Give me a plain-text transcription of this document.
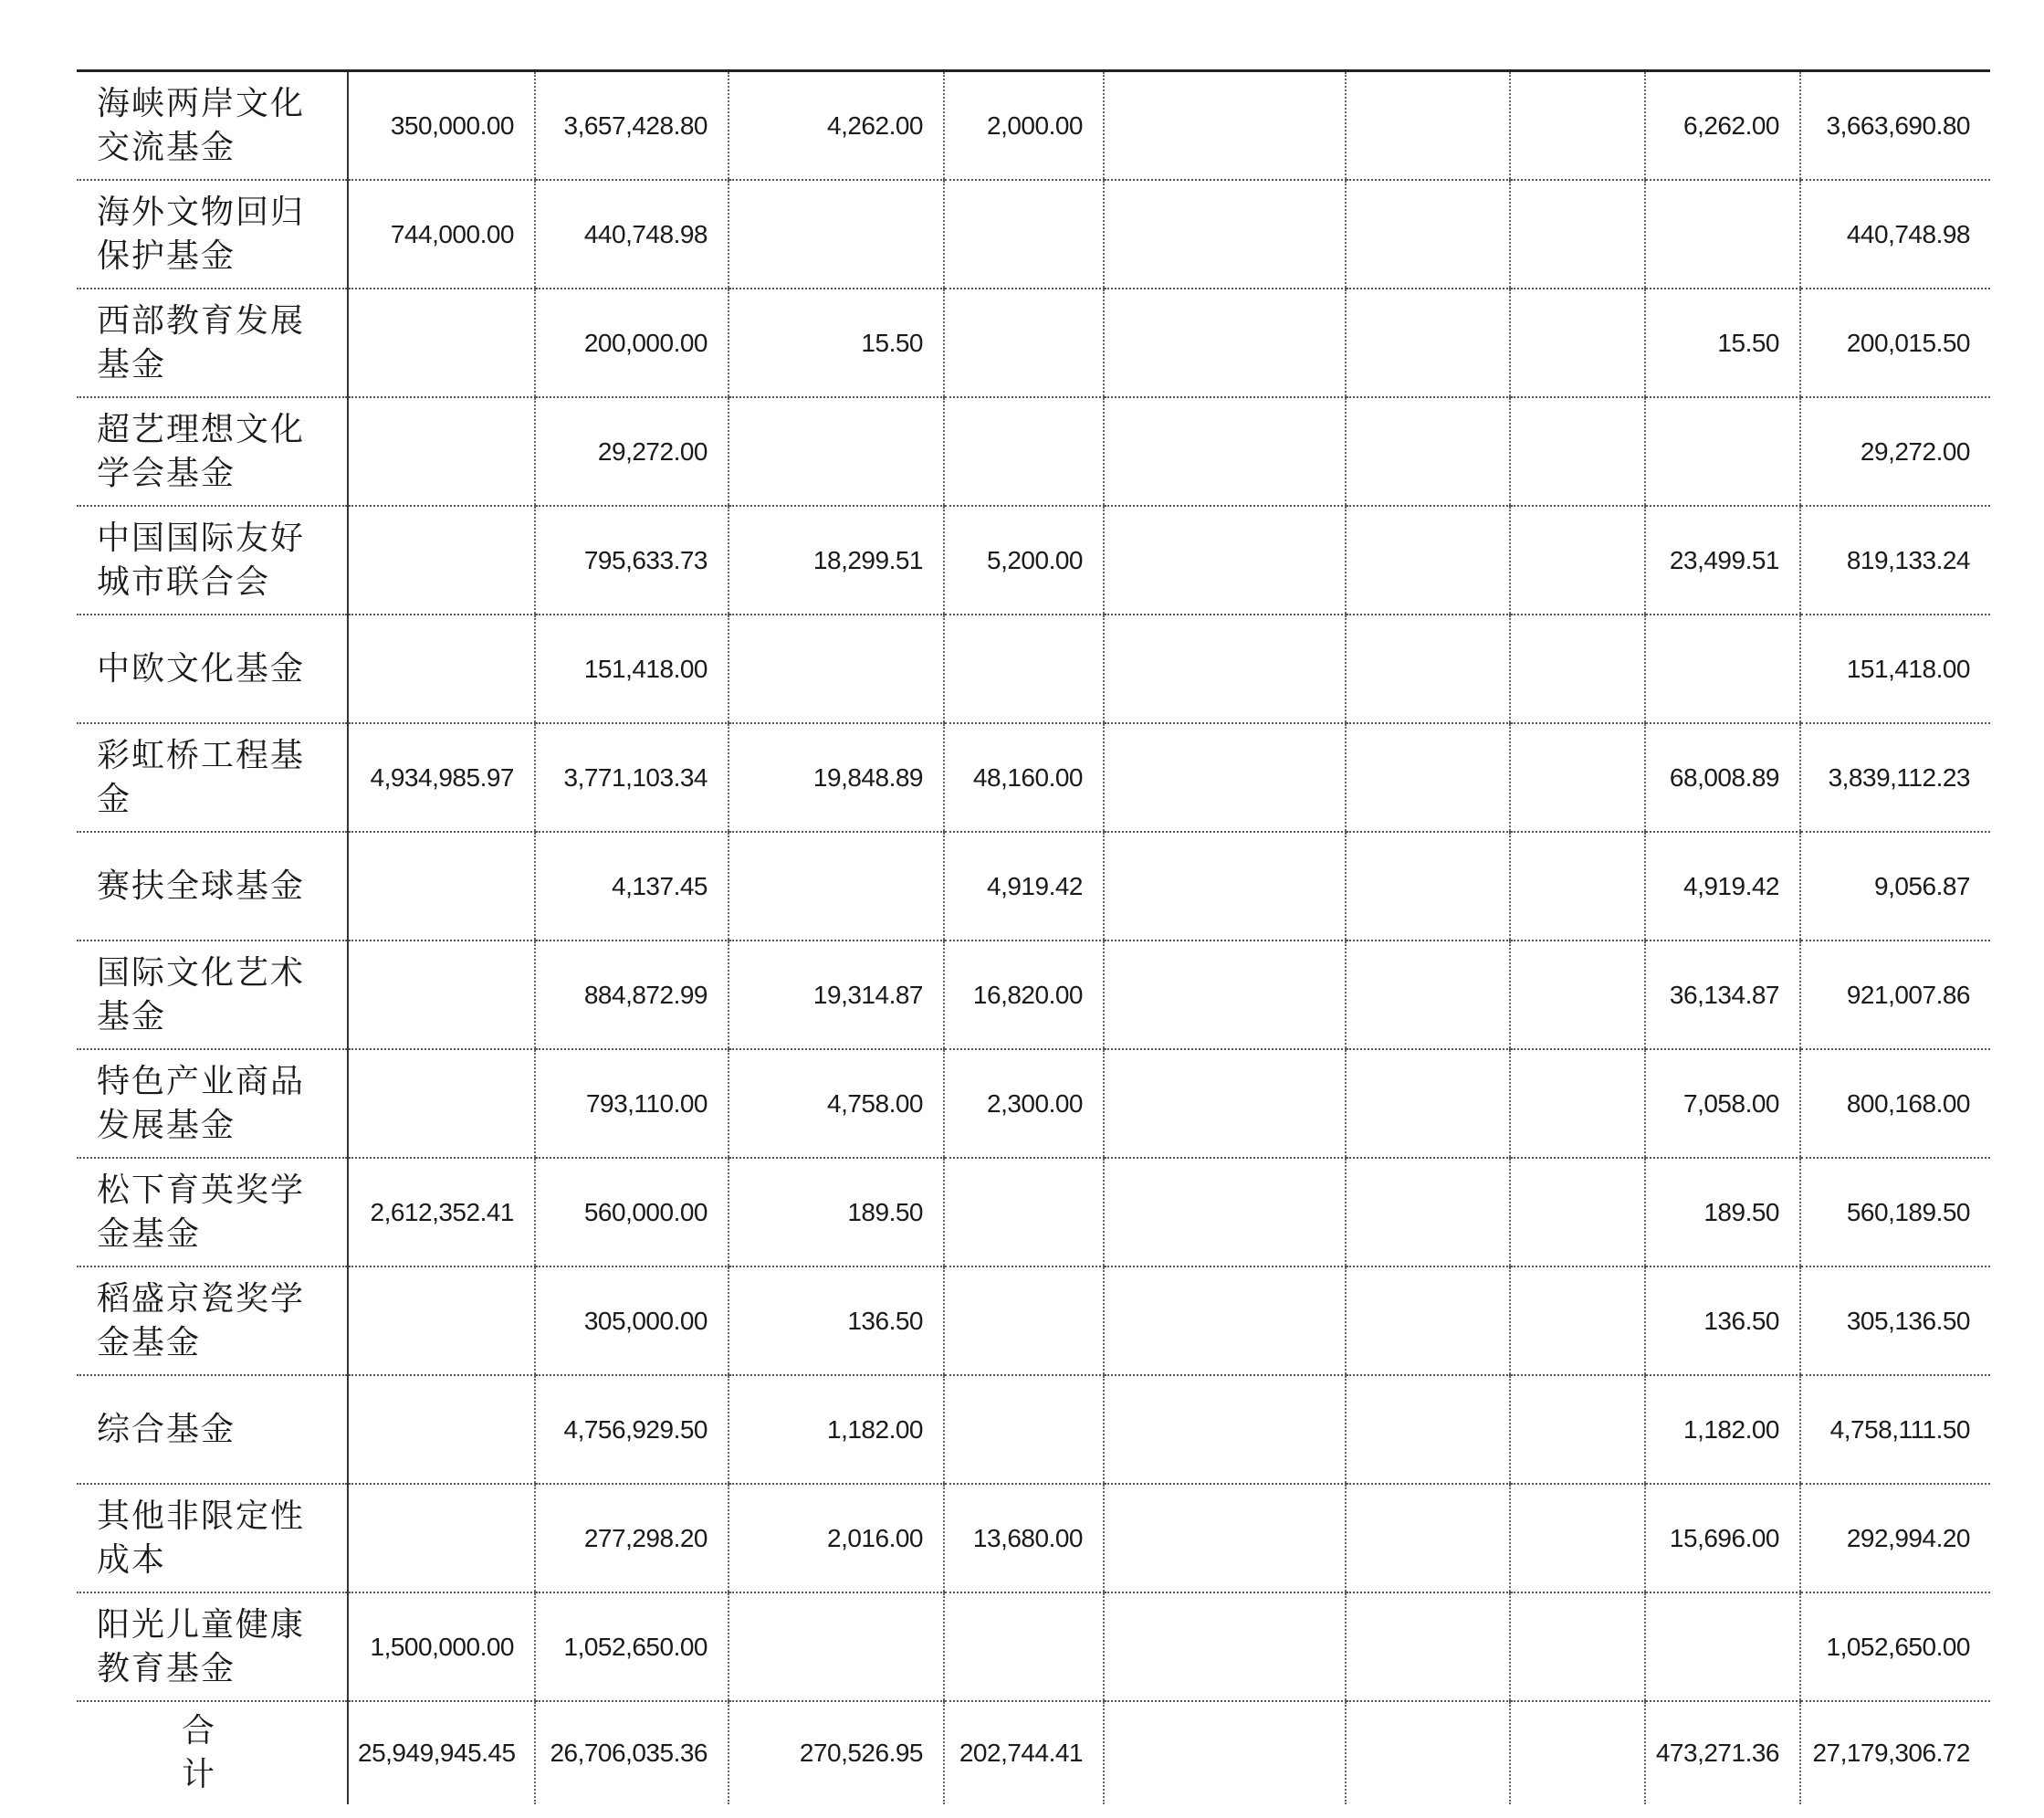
海峡两岸文化交流基金	350,000.00	3,657,428.80	4,262.00	2,000.00				6,262.00	3,663,690.80
海外文物回归保护基金	744,000.00	440,748.98							440,748.98
西部教育发展基金		200,000.00	15.50					15.50	200,015.50
超艺理想文化学会基金		29,272.00							29,272.00
中国国际友好城市联合会		795,633.73	18,299.51	5,200.00				23,499.51	819,133.24
中欧文化基金		151,418.00							151,418.00
彩虹桥工程基金	4,934,985.97	3,771,103.34	19,848.89	48,160.00				68,008.89	3,839,112.23
赛扶全球基金		4,137.45		4,919.42				4,919.42	9,056.87
国际文化艺术基金		884,872.99	19,314.87	16,820.00				36,134.87	921,007.86
特色产业商品发展基金		793,110.00	4,758.00	2,300.00				7,058.00	800,168.00
松下育英奖学金基金	2,612,352.41	560,000.00	189.50					189.50	560,189.50
稻盛京瓷奖学金基金		305,000.00	136.50					136.50	305,136.50
综合基金		4,756,929.50	1,182.00					1,182.00	4,758,111.50
其他非限定性成本		277,298.20	2,016.00	13,680.00				15,696.00	292,994.20
阳光儿童健康教育基金	1,500,000.00	1,052,650.00							1,052,650.00
合计	25,949,945.45	26,706,035.36	270,526.95	202,744.41				473,271.36	27,179,306.72
